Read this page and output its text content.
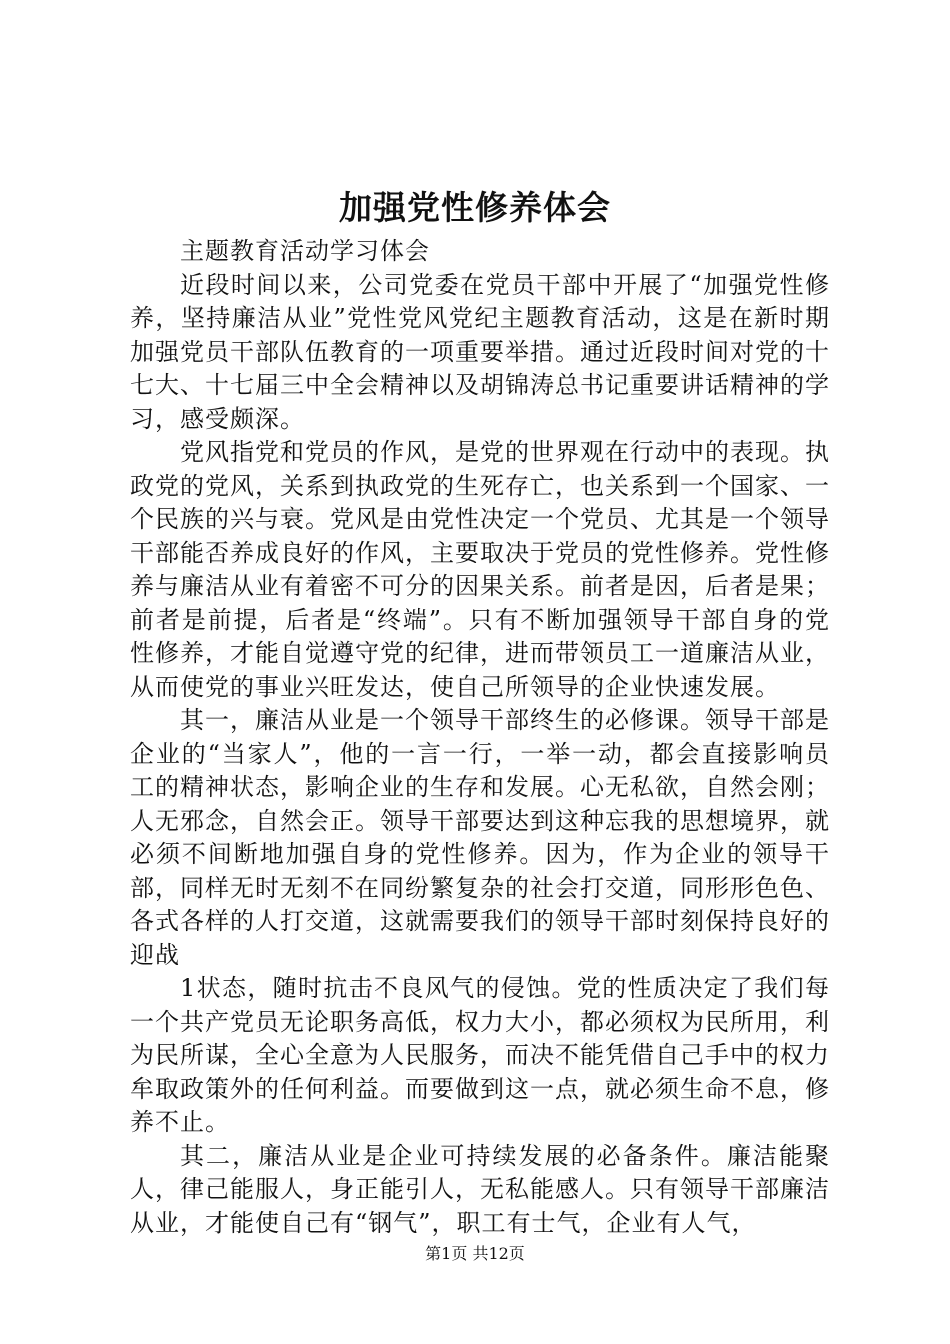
加强党性修养体会

主题教育活动学习体会

近段时间以来，公司党委在党员干部中开展了“加强党性修养，坚持廉洁从业”党性党风党纪主题教育活动，这是在新时期加强党员干部队伍教育的一项重要举措。通过近段时间对党的十七大、十七届三中全会精神以及胡锦涛总书记重要讲话精神的学习，感受颇深。

党风指党和党员的作风，是党的世界观在行动中的表现。执政党的党风，关系到执政党的生死存亡，也关系到一个国家、一个民族的兴与衰。党风是由党性决定一个党员、尤其是一个领导干部能否养成良好的作风，主要取决于党员的党性修养。党性修养与廉洁从业有着密不可分的因果关系。前者是因，后者是果；前者是前提，后者是“终端”。只有不断加强领导干部自身的党性修养，才能自觉遵守党的纪律，进而带领员工一道廉洁从业，从而使党的事业兴旺发达，使自己所领导的企业快速发展。

其一，廉洁从业是一个领导干部终生的必修课。领导干部是企业的“当家人”，他的一言一行，一举一动，都会直接影响员工的精神状态，影响企业的生存和发展。心无私欲，自然会刚；人无邪念，自然会正。领导干部要达到这种忘我的思想境界，就必须不间断地加强自身的党性修养。因为，作为企业的领导干部，同样无时无刻不在同纷繁复杂的社会打交道，同形形色色、各式各样的人打交道，这就需要我们的领导干部时刻保持良好的迎战

1状态，随时抗击不良风气的侵蚀。党的性质决定了我们每一个共产党员无论职务高低，权力大小，都必须权为民所用，利为民所谋，全心全意为人民服务，而决不能凭借自己手中的权力牟取政策外的任何利益。而要做到这一点，就必须生命不息，修养不止。

其二，廉洁从业是企业可持续发展的必备条件。廉洁能聚人，律己能服人，身正能引人，无私能感人。只有领导干部廉洁从业，才能使自己有“钢气”，职工有士气，企业有人气，

第1页 共12页
